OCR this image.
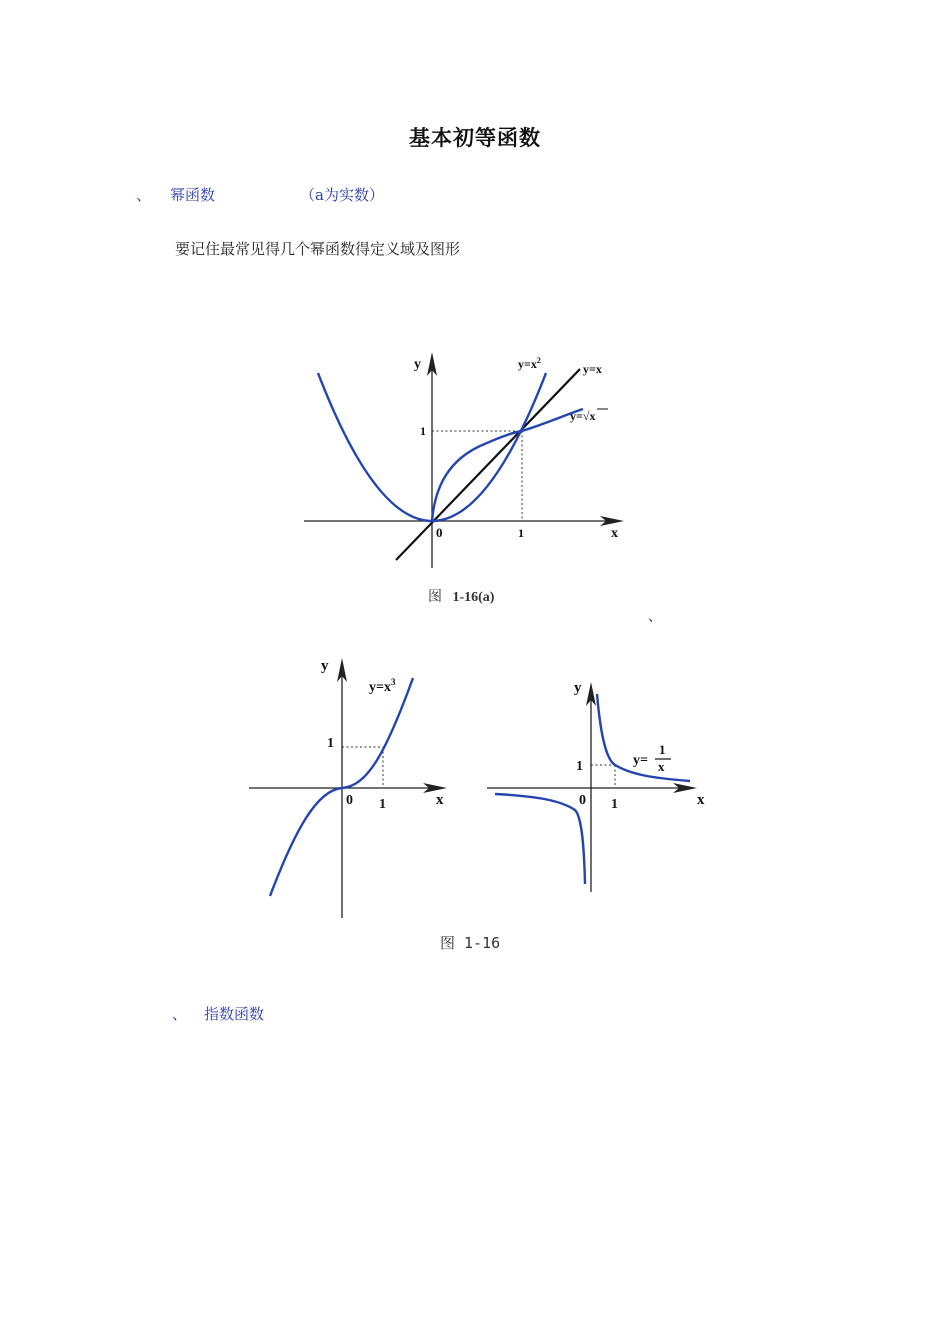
基本初等函数
、 幂函数	（a为实数）
要记住最常见得几个幂函数得定义域及图形
y
x
0	1
1
$y=x^2$
y=x
y=√x
图 1-16(a)
、
y
x
0 1
1
$y=x^3$	y
x
0 1
1	y=
1
x
图 1-16
、 指数函数
